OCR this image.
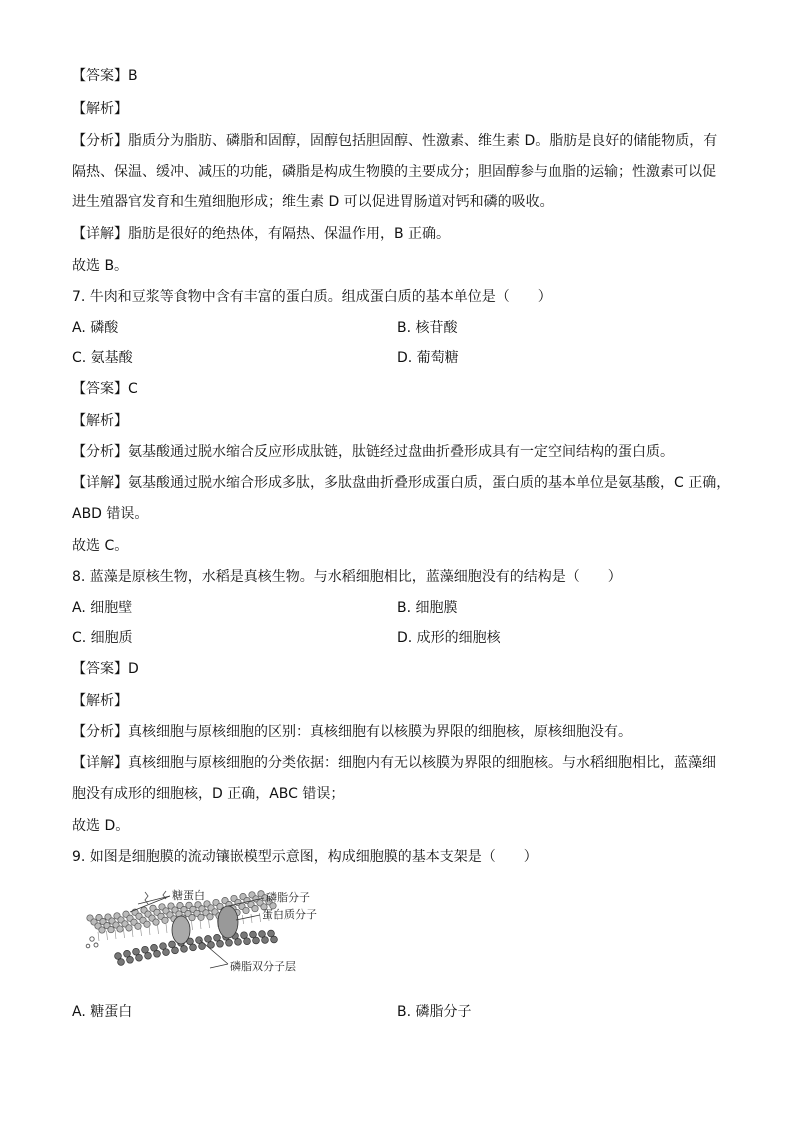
【答案】B
【解析】
【分析】脂质分为脂肪、磷脂和固醇，固醇包括胆固醇、性激素、维生素 D。脂肪是良好的储能物质，有
隔热、保温、缓冲、减压的功能，磷脂是构成生物膜的主要成分；胆固醇参与血脂的运输；性激素可以促
进生殖器官发育和生殖细胞形成；维生素 D 可以促进胃肠道对钙和磷的吸收。
【详解】脂肪是很好的绝热体，有隔热、保温作用，B 正确。
故选 B。
7. 牛肉和豆浆等食物中含有丰富的蛋白质。组成蛋白质的基本单位是（　　）
A. 磷酸	B. 核苷酸
C. 氨基酸	D. 葡萄糖
【答案】C
【解析】
【分析】氨基酸通过脱水缩合反应形成肽链，肽链经过盘曲折叠形成具有一定空间结构的蛋白质。
【详解】氨基酸通过脱水缩合形成多肽，多肽盘曲折叠形成蛋白质，蛋白质的基本单位是氨基酸，C 正确，
ABD 错误。
故选 C。
8. 蓝藻是原核生物，水稻是真核生物。与水稻细胞相比，蓝藻细胞没有的结构是（　　）
A. 细胞壁	B. 细胞膜
C. 细胞质	D. 成形的细胞核
【答案】D
【解析】
【分析】真核细胞与原核细胞的区别：真核细胞有以核膜为界限的细胞核，原核细胞没有。
【详解】真核细胞与原核细胞的分类依据：细胞内有无以核膜为界限的细胞核。与水稻细胞相比，蓝藻细
胞没有成形的细胞核，D 正确，ABC 错误；
故选 D。
9. 如图是细胞膜的流动镶嵌模型示意图，构成细胞膜的基本支架是（　　）
糖蛋白	磷脂分子
蛋白质分子
磷脂双分子层
A. 糖蛋白	B. 磷脂分子
